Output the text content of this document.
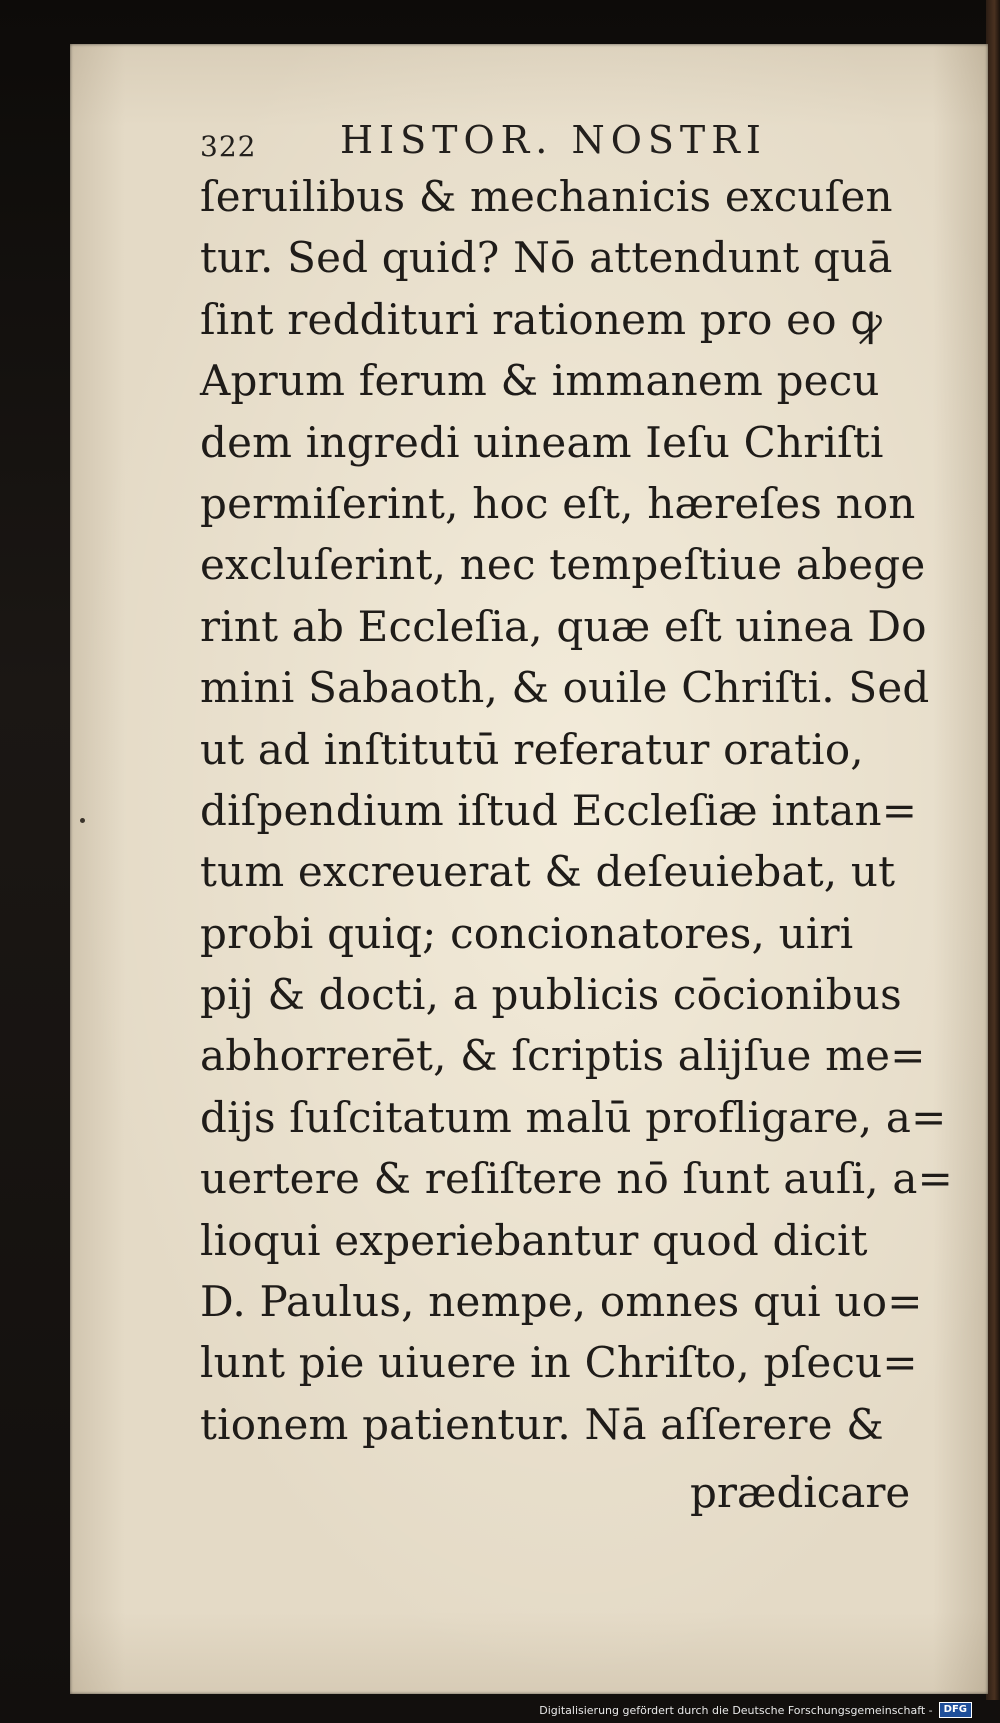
322 HISTOR. NOSTRI
ſeruilibus & mechanicis excuſen
tur. Sed quid? Nō attendunt quā
ſint reddituri rationem pro eo ꝙ
Aprum ferum & immanem pecu
dem ingredi uineam Ieſu Chriſti
permiſerint, hoc eſt, hæreſes non
excluſerint, nec tempeſtiue abege
rint ab Eccleſia, quæ eſt uinea Do
mini Sabaoth, & ouile Chriſti. Sed
ut ad inſtitutū referatur oratio,
diſpendium iſtud Eccleſiæ intan=
tum excreuerat & deſeuiebat, ut
probi quiq; concionatores, uiri
pij & docti, a publicis cōcionibus
abhorrerēt, & ſcriptis alijſue me=
dijs ſuſcitatum malū profligare, a=
uertere & reſiſtere nō ſunt auſi, a=
lioqui experiebantur quod dicit
D. Paulus, nempe, omnes qui uo=
lunt pie uiuere in Chriſto, pſecu=
tionem patientur. Nā aſſerere &
prædicare
Digitalisierung gefördert durch die Deutsche Forschungsgemeinschaft -	DFG
